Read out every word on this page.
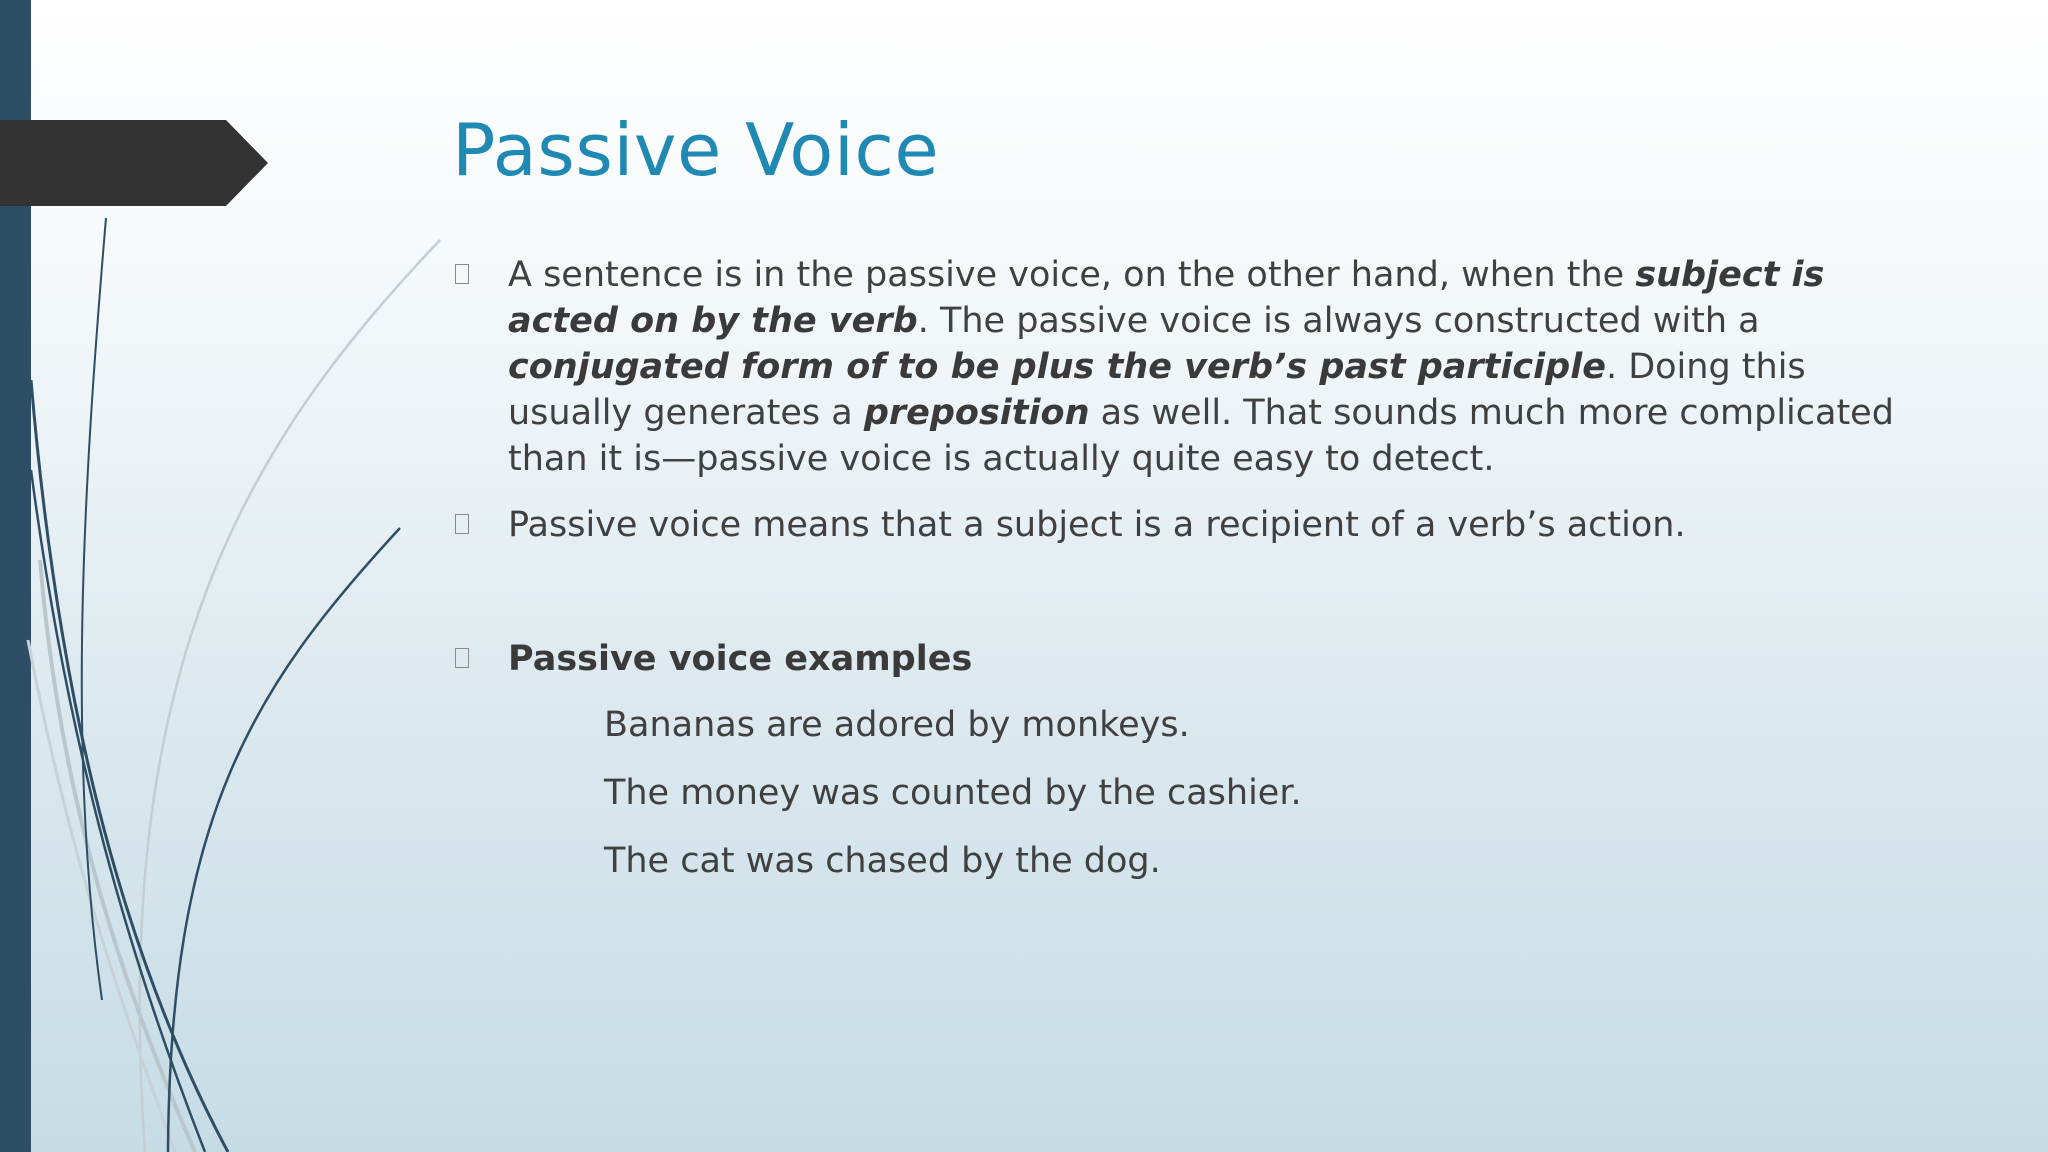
Passive Voice

A sentence is in the passive voice, on the other hand, when the subject is acted on by the verb. The passive voice is always constructed with a conjugated form of to be plus the verb’s past participle. Doing this usually generates a preposition as well. That sounds much more complicated than it is—passive voice is actually quite easy to detect.

Passive voice means that a subject is a recipient of a verb’s action.

Passive voice examples

Bananas are adored by monkeys.

The money was counted by the cashier.

The cat was chased by the dog.
